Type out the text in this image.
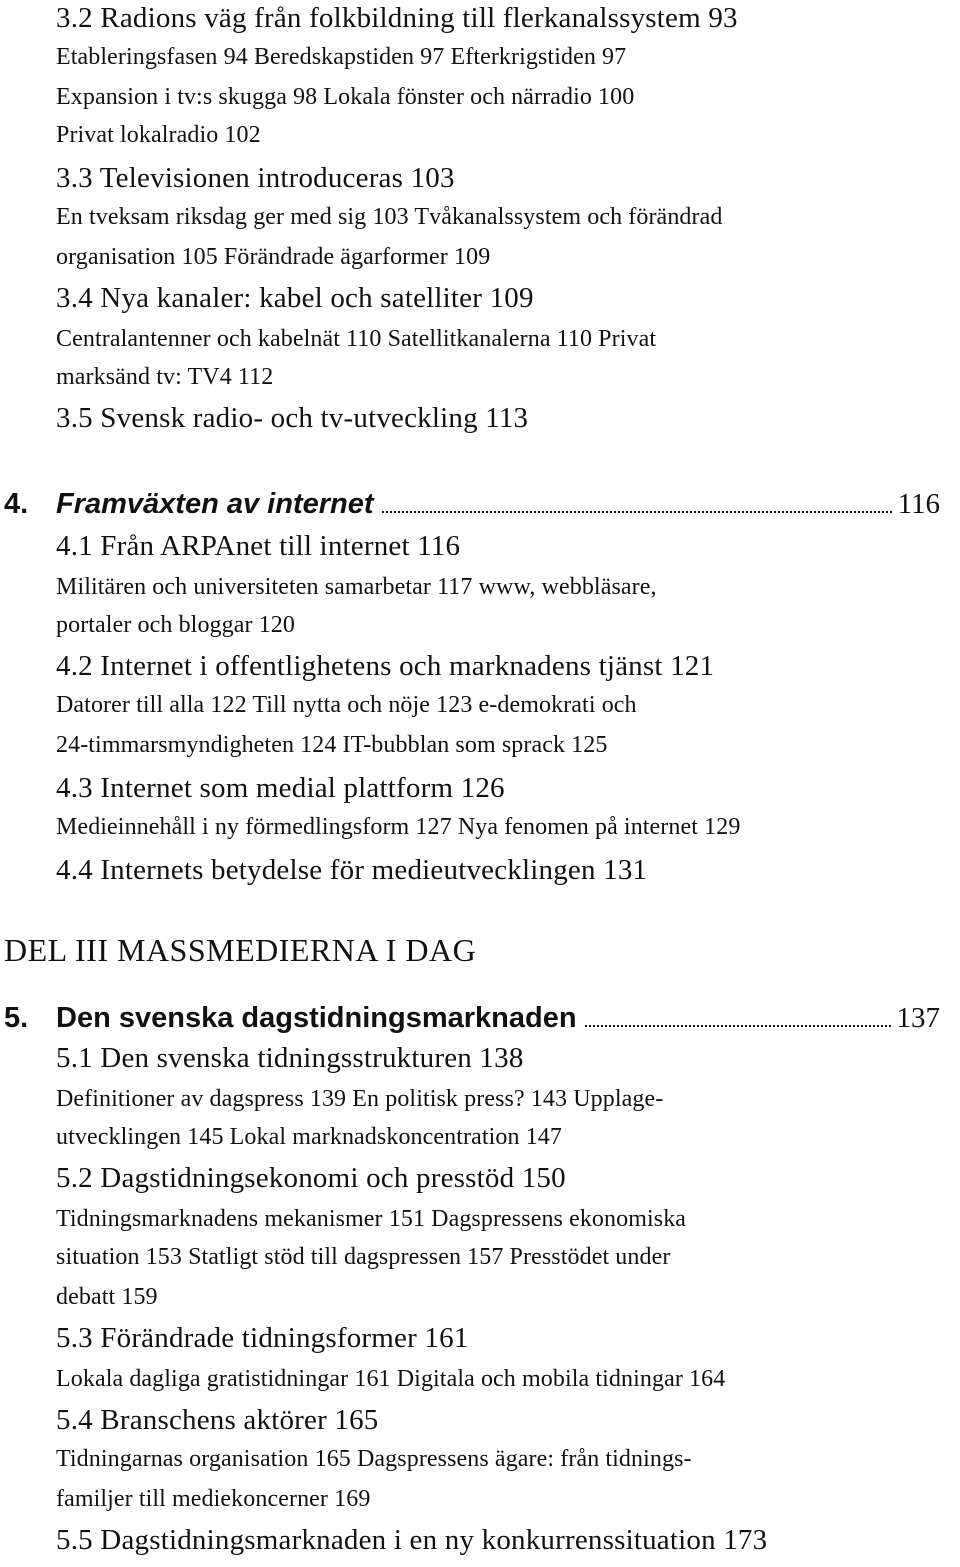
3.2 Radions väg från folkbildning till flerkanalssystem 93
Etableringsfasen 94 Beredskapstiden 97 Efterkrigstiden 97
Expansion i tv:s skugga 98 Lokala fönster och närradio 100
Privat lokalradio 102
3.3 Televisionen introduceras 103
En tveksam riksdag ger med sig 103 Tvåkanalssystem och förändrad
organisation 105 Förändrade ägarformer 109
3.4 Nya kanaler: kabel och satelliter 109
Centralantenner och kabelnät 110 Satellitkanalerna 110 Privat
marksänd tv: TV4 112
3.5 Svensk radio- och tv-utveckling 113
4. Framväxten av internet	116
4.1 Från ARPAnet till internet 116
Militären och universiteten samarbetar 117 www, webbläsare,
portaler och bloggar 120
4.2 Internet i offentlighetens och marknadens tjänst 121
Datorer till alla 122 Till nytta och nöje 123 e-demokrati och
24-timmarsmyndigheten 124 IT-bubblan som sprack 125
4.3 Internet som medial plattform 126
Medieinnehåll i ny förmedlingsform 127 Nya fenomen på internet 129
4.4 Internets betydelse för medieutvecklingen 131
DEL III MASSMEDIERNA I DAG
5. Den svenska dagstidningsmarknaden	137
5.1 Den svenska tidningsstrukturen 138
Definitioner av dagspress 139 En politisk press? 143 Upplage-
utvecklingen 145 Lokal marknadskoncentration 147
5.2 Dagstidningsekonomi och presstöd 150
Tidningsmarknadens mekanismer 151 Dagspressens ekonomiska
situation 153 Statligt stöd till dagspressen 157 Presstödet under
debatt 159
5.3 Förändrade tidningsformer 161
Lokala dagliga gratistidningar 161 Digitala och mobila tidningar 164
5.4 Branschens aktörer 165
Tidningarnas organisation 165 Dagspressens ägare: från tidnings-
familjer till mediekoncerner 169
5.5 Dagstidningsmarknaden i en ny konkurrenssituation 173
